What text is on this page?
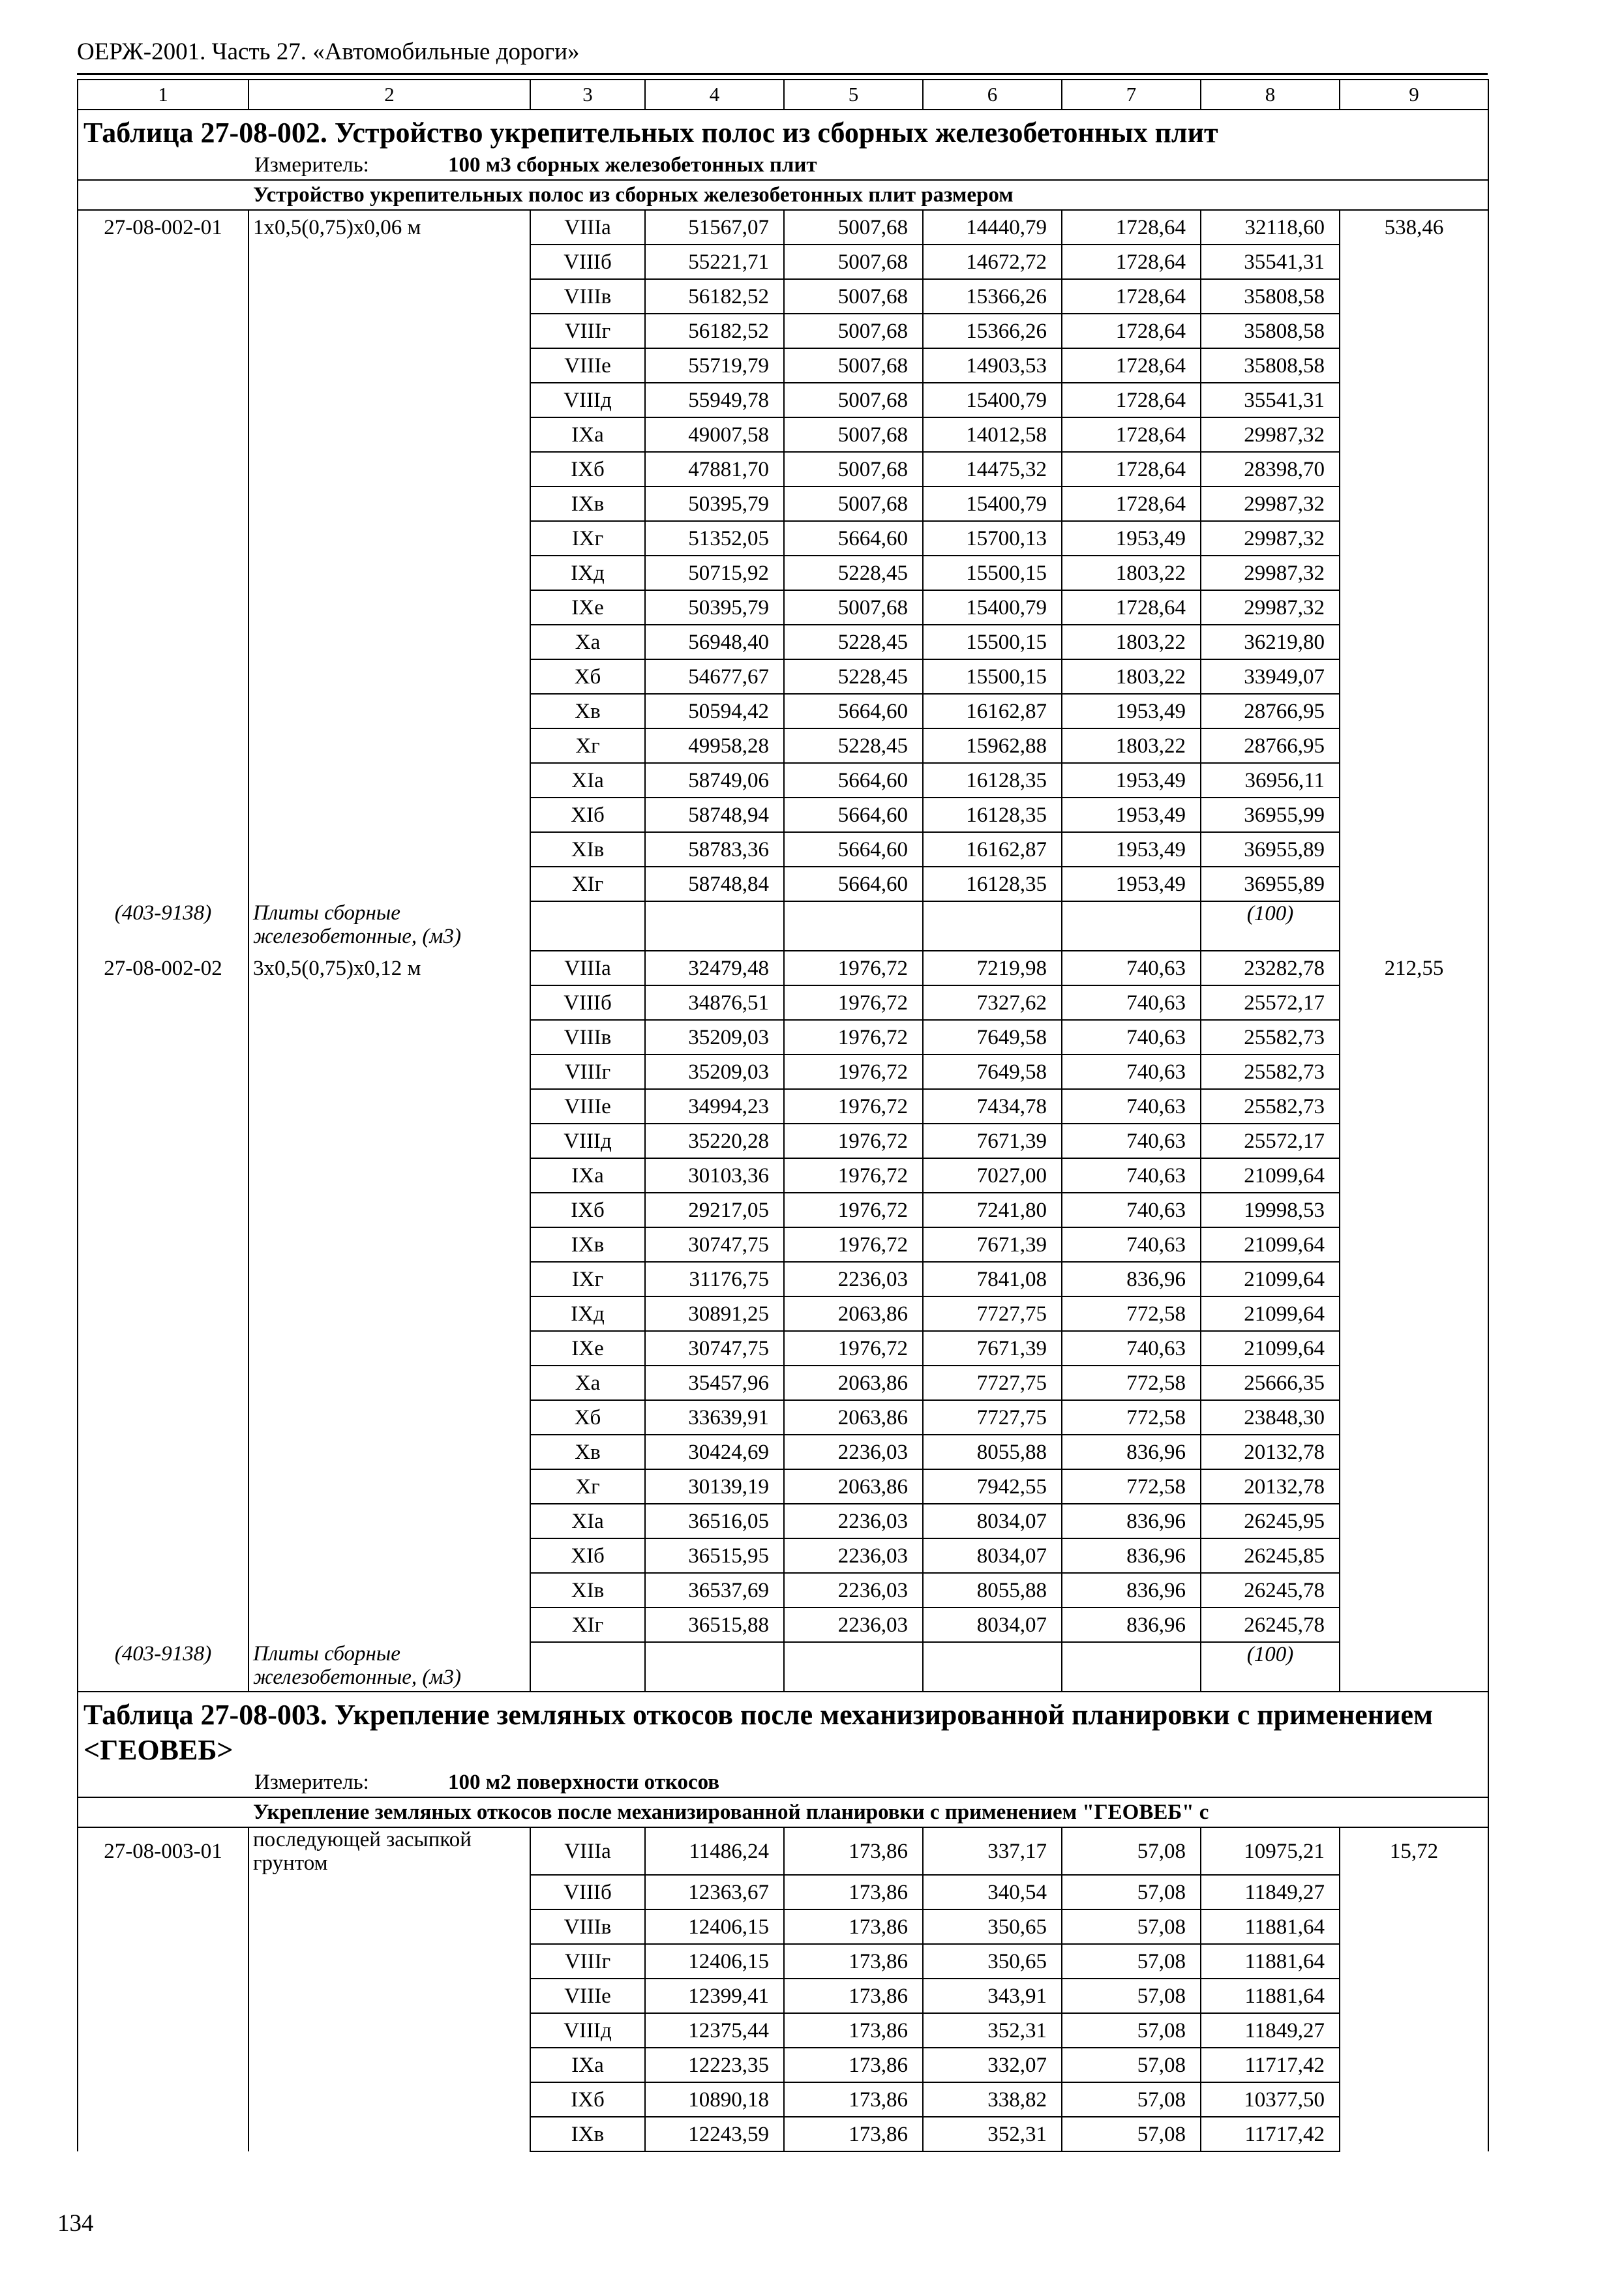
ОЕРЖ-2001. Часть 27. «Автомобильные дороги»
1	2	3	4	5	6	7	8	9
Таблица 27-08-002. Устройство укрепительных полос из сборных железобетонных плит								
Измеритель: 100 м3 сборных железобетонных плит								
Устройство укрепительных полос из сборных железобетонных плит размером								
27-08-002-01	1х0,5(0,75)х0,06 м	VIIIа	51567,07	5007,68	14440,79	1728,64	32118,60	538,46
		VIIIб	55221,71	5007,68	14672,72	1728,64	35541,31	
		VIIIв	56182,52	5007,68	15366,26	1728,64	35808,58	
		VIIIг	56182,52	5007,68	15366,26	1728,64	35808,58	
		VIIIе	55719,79	5007,68	14903,53	1728,64	35808,58	
		VIIIд	55949,78	5007,68	15400,79	1728,64	35541,31	
		IXа	49007,58	5007,68	14012,58	1728,64	29987,32	
		IXб	47881,70	5007,68	14475,32	1728,64	28398,70	
		IXв	50395,79	5007,68	15400,79	1728,64	29987,32	
		IXг	51352,05	5664,60	15700,13	1953,49	29987,32	
		IXд	50715,92	5228,45	15500,15	1803,22	29987,32	
		IXе	50395,79	5007,68	15400,79	1728,64	29987,32	
		Xа	56948,40	5228,45	15500,15	1803,22	36219,80	
		Xб	54677,67	5228,45	15500,15	1803,22	33949,07	
		Xв	50594,42	5664,60	16162,87	1953,49	28766,95	
		Xг	49958,28	5228,45	15962,88	1803,22	28766,95	
		XIа	58749,06	5664,60	16128,35	1953,49	36956,11	
		XIб	58748,94	5664,60	16128,35	1953,49	36955,99	
		XIв	58783,36	5664,60	16162,87	1953,49	36955,89	
		XIг	58748,84	5664,60	16128,35	1953,49	36955,89	
(403-9138)	Плиты сборные железобетонные, (м3)						(100)	
27-08-002-02	3х0,5(0,75)х0,12 м	VIIIа	32479,48	1976,72	7219,98	740,63	23282,78	212,55
		VIIIб	34876,51	1976,72	7327,62	740,63	25572,17	
		VIIIв	35209,03	1976,72	7649,58	740,63	25582,73	
		VIIIг	35209,03	1976,72	7649,58	740,63	25582,73	
		VIIIе	34994,23	1976,72	7434,78	740,63	25582,73	
		VIIIд	35220,28	1976,72	7671,39	740,63	25572,17	
		IXа	30103,36	1976,72	7027,00	740,63	21099,64	
		IXб	29217,05	1976,72	7241,80	740,63	19998,53	
		IXв	30747,75	1976,72	7671,39	740,63	21099,64	
		IXг	31176,75	2236,03	7841,08	836,96	21099,64	
		IXд	30891,25	2063,86	7727,75	772,58	21099,64	
		IXе	30747,75	1976,72	7671,39	740,63	21099,64	
		Xа	35457,96	2063,86	7727,75	772,58	25666,35	
		Xб	33639,91	2063,86	7727,75	772,58	23848,30	
		Xв	30424,69	2236,03	8055,88	836,96	20132,78	
		Xг	30139,19	2063,86	7942,55	772,58	20132,78	
		XIа	36516,05	2236,03	8034,07	836,96	26245,95	
		XIб	36515,95	2236,03	8034,07	836,96	26245,85	
		XIв	36537,69	2236,03	8055,88	836,96	26245,78	
		XIг	36515,88	2236,03	8034,07	836,96	26245,78	
(403-9138)	Плиты сборные железобетонные, (м3)						(100)	
Таблица 27-08-003. Укрепление земляных откосов после механизированной планировки с применением <ГЕОВЕБ>								
Измеритель: 100 м2 поверхности откосов								
Укрепление земляных откосов после механизированной планировки с применением "ГЕОВЕБ" с								
27-08-003-01	последующей засыпкой грунтом	VIIIа	11486,24	173,86	337,17	57,08	10975,21	15,72
		VIIIб	12363,67	173,86	340,54	57,08	11849,27	
		VIIIв	12406,15	173,86	350,65	57,08	11881,64	
		VIIIг	12406,15	173,86	350,65	57,08	11881,64	
		VIIIе	12399,41	173,86	343,91	57,08	11881,64	
		VIIIд	12375,44	173,86	352,31	57,08	11849,27	
		IXа	12223,35	173,86	332,07	57,08	11717,42	
		IXб	10890,18	173,86	338,82	57,08	10377,50	
		IXв	12243,59	173,86	352,31	57,08	11717,42	
134
